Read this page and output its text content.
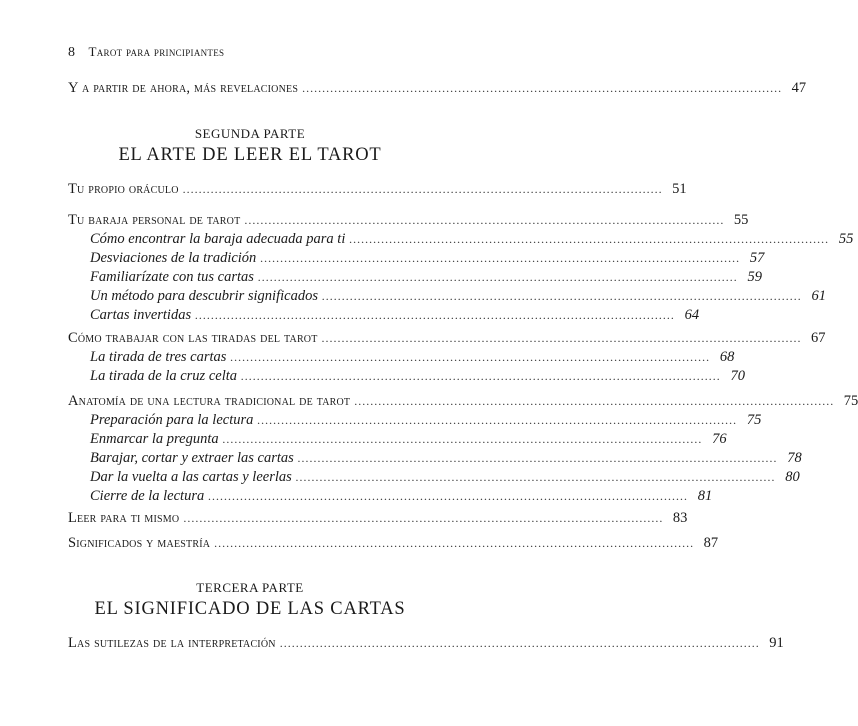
8 Tarot para principiantes
SEGUNDA PARTE
EL ARTE DE LEER EL TAROT
TERCERA PARTE
EL SIGNIFICADO DE LAS CARTAS
Y a partir de ahora, más revelaciones ........................................................................................................................ 47
Tu propio oráculo ........................................................................................................................ 51
Tu baraja personal de tarot ........................................................................................................................ 55
Cómo encontrar la baraja adecuada para ti ........................................................................................................................ 55
Desviaciones de la tradición ........................................................................................................................ 57
Familiarízate con tus cartas ........................................................................................................................ 59
Un método para descubrir significados ........................................................................................................................ 61
Cartas invertidas ........................................................................................................................ 64
Cómo trabajar con las tiradas del tarot ........................................................................................................................ 67
La tirada de tres cartas ........................................................................................................................ 68
La tirada de la cruz celta ........................................................................................................................ 70
Anatomía de una lectura tradicional de tarot ........................................................................................................................ 75
Preparación para la lectura ........................................................................................................................ 75
Enmarcar la pregunta ........................................................................................................................ 76
Barajar, cortar y extraer las cartas ........................................................................................................................ 78
Dar la vuelta a las cartas y leerlas ........................................................................................................................ 80
Cierre de la lectura ........................................................................................................................ 81
Leer para ti mismo ........................................................................................................................ 83
Significados y maestría ........................................................................................................................ 87
Las sutilezas de la interpretación ........................................................................................................................ 91
